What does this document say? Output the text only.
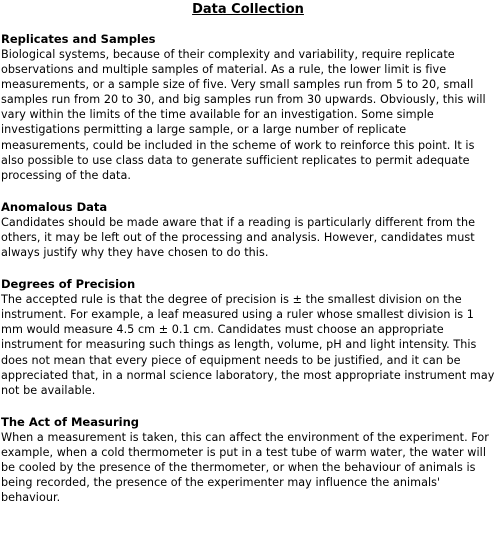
Data Collection
Replicates and Samples
Biological systems, because of their complexity and variability, require replicate observations and multiple samples of material. As a rule, the lower limit is five measurements, or a sample size of five. Very small samples run from 5 to 20, small samples run from 20 to 30, and big samples run from 30 upwards. Obviously, this will vary within the limits of the time available for an investigation. Some simple investigations permitting a large sample, or a large number of replicate measurements, could be included in the scheme of work to reinforce this point. It is also possible to use class data to generate sufficient replicates to permit adequate processing of the data.
Anomalous Data
Candidates should be made aware that if a reading is particularly different from the others, it may be left out of the processing and analysis. However, candidates must always justify why they have chosen to do this.
Degrees of Precision
The accepted rule is that the degree of precision is ± the smallest division on the instrument. For example, a leaf measured using a ruler whose smallest division is 1 mm would measure 4.5 cm ± 0.1 cm. Candidates must choose an appropriate instrument for measuring such things as length, volume, pH and light intensity. This does not mean that every piece of equipment needs to be justified, and it can be appreciated that, in a normal science laboratory, the most appropriate instrument may not be available.
The Act of Measuring
When a measurement is taken, this can affect the environment of the experiment. For example, when a cold thermometer is put in a test tube of warm water, the water will be cooled by the presence of the thermometer, or when the behaviour of animals is being recorded, the presence of the experimenter may influence the animals' behaviour.
